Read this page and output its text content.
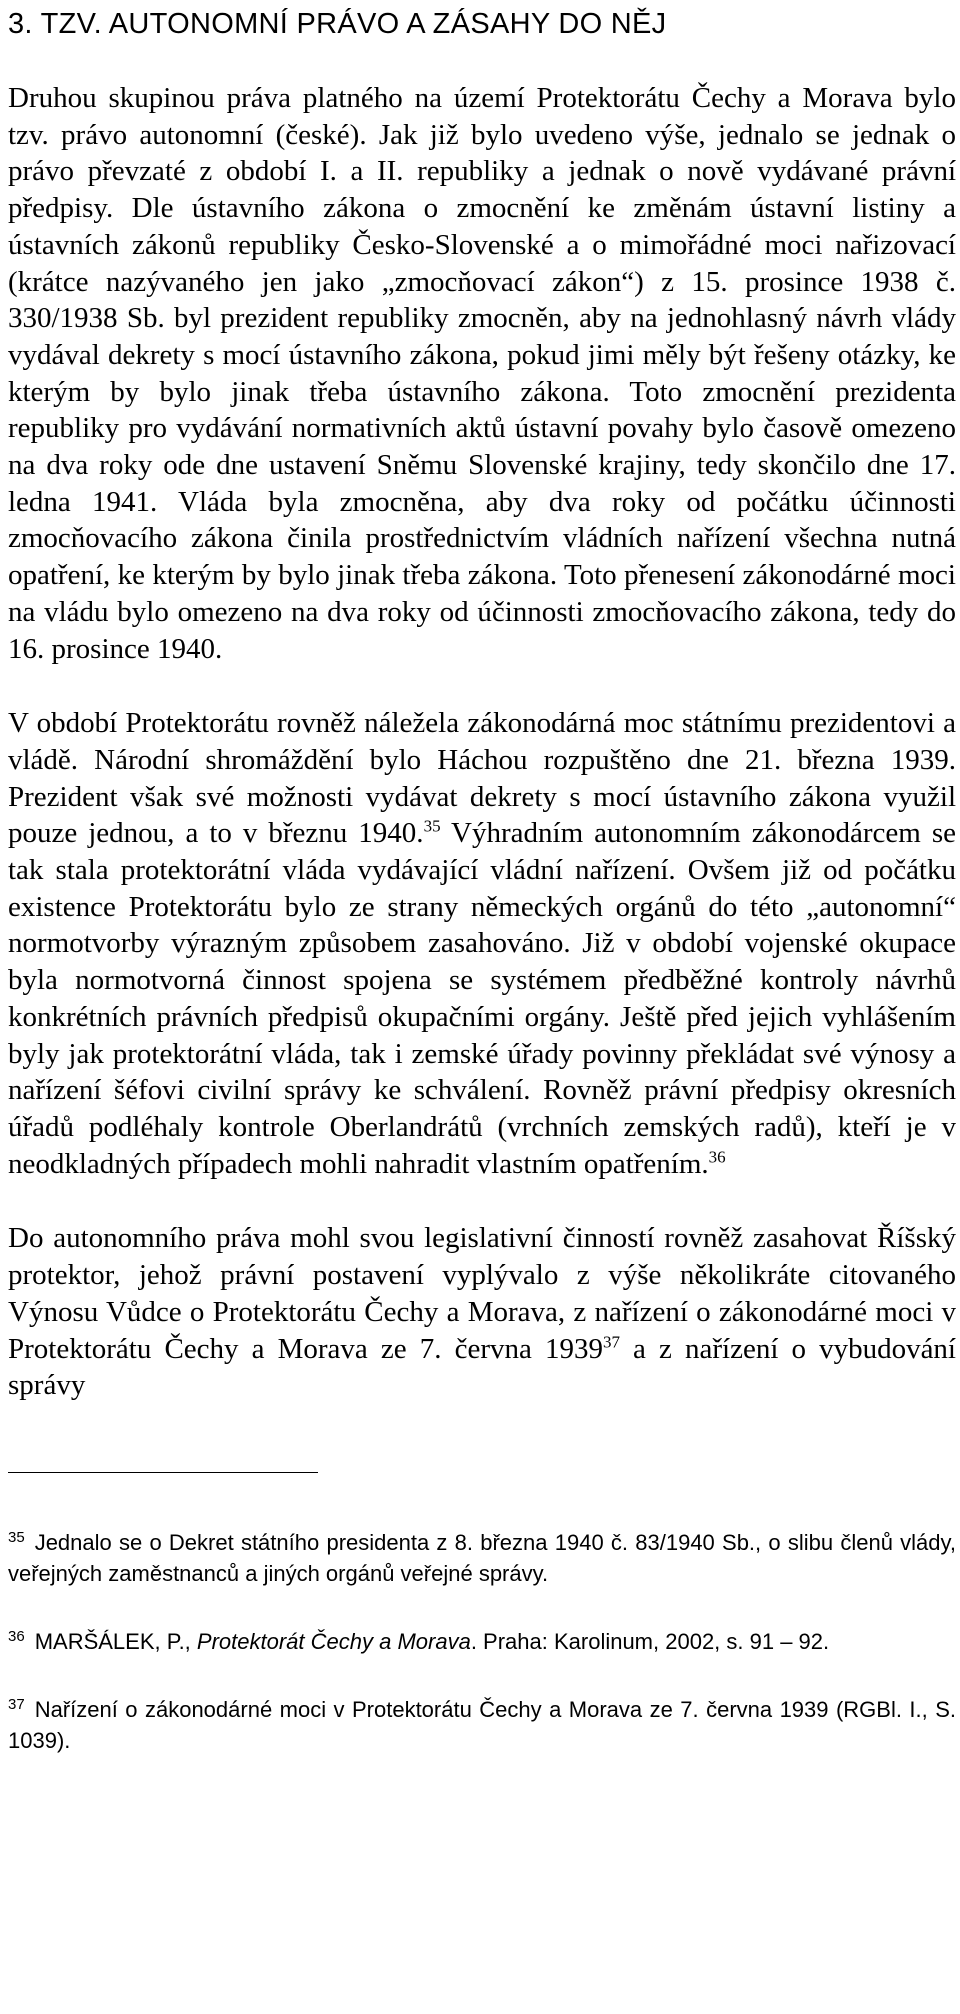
3. TZV. AUTONOMNÍ PRÁVO A ZÁSAHY DO NĚJ

Druhou skupinou práva platného na území Protektorátu Čechy a Morava bylo tzv. právo autonomní (české). Jak již bylo uvedeno výše, jednalo se jednak o právo převzaté z období I. a II. republiky a jednak o nově vydávané právní předpisy. Dle ústavního zákona o zmocnění ke změnám ústavní listiny a ústavních zákonů republiky Česko-Slovenské a o mimořádné moci nařizovací (krátce nazývaného jen jako „zmocňovací zákon“) z 15. prosince 1938 č. 330/1938 Sb. byl prezident republiky zmocněn, aby na jednohlasný návrh vlády vydával dekrety s mocí ústavního zákona, pokud jimi měly být řešeny otázky, ke kterým by bylo jinak třeba ústavního zákona. Toto zmocnění prezidenta republiky pro vydávání normativních aktů ústavní povahy bylo časově omezeno na dva roky ode dne ustavení Sněmu Slovenské krajiny, tedy skončilo dne 17. ledna 1941. Vláda byla zmocněna, aby dva roky od počátku účinnosti zmocňovacího zákona činila prostřednictvím vládních nařízení všechna nutná opatření, ke kterým by bylo jinak třeba zákona. Toto přenesení zákonodárné moci na vládu bylo omezeno na dva roky od účinnosti zmocňovacího zákona, tedy do 16. prosince 1940.

V období Protektorátu rovněž náležela zákonodárná moc státnímu prezidentovi a vládě. Národní shromáždění bylo Háchou rozpuštěno dne 21. března 1939. Prezident však své možnosti vydávat dekrety s mocí ústavního zákona využil pouze jednou, a to v březnu 1940.35 Výhradním autonomním zákonodárcem se tak stala protektorátní vláda vydávající vládní nařízení. Ovšem již od počátku existence Protektorátu bylo ze strany německých orgánů do této „autonomní“ normotvorby výrazným způsobem zasahováno. Již v období vojenské okupace byla normotvorná činnost spojena se systémem předběžné kontroly návrhů konkrétních právních předpisů okupačními orgány. Ještě před jejich vyhlášením byly jak protektorátní vláda, tak i zemské úřady povinny překládat své výnosy a nařízení šéfovi civilní správy ke schválení. Rovněž právní předpisy okresních úřadů podléhaly kontrole Oberlandrátů (vrchních zemských radů), kteří je v neodkladných případech mohli nahradit vlastním opatřením.$^{36}$

Do autonomního práva mohl svou legislativní činností rovněž zasahovat Říšský protektor, jehož právní postavení vyplývalo z výše několikráte citovaného Výnosu Vůdce o Protektorátu Čechy a Morava, z nařízení o zákonodárné moci v Protektorátu Čechy a Morava ze 7. června 1939$^{37}$ a z nařízení o vybudování správy

$^{35}$ Jednalo se o Dekret státního presidenta z 8. března 1940 č. 83/1940 Sb., o slibu členů vlády, veřejných zaměstnanců a jiných orgánů veřejné správy.

$^{36}$ MARŠÁLEK, P., Protektorát Čechy a Morava. Praha: Karolinum, 2002, s. 91 – 92.

$^{37}$ Nařízení o zákonodárné moci v Protektorátu Čechy a Morava ze 7. června 1939 (RGBl. I., S. 1039).
